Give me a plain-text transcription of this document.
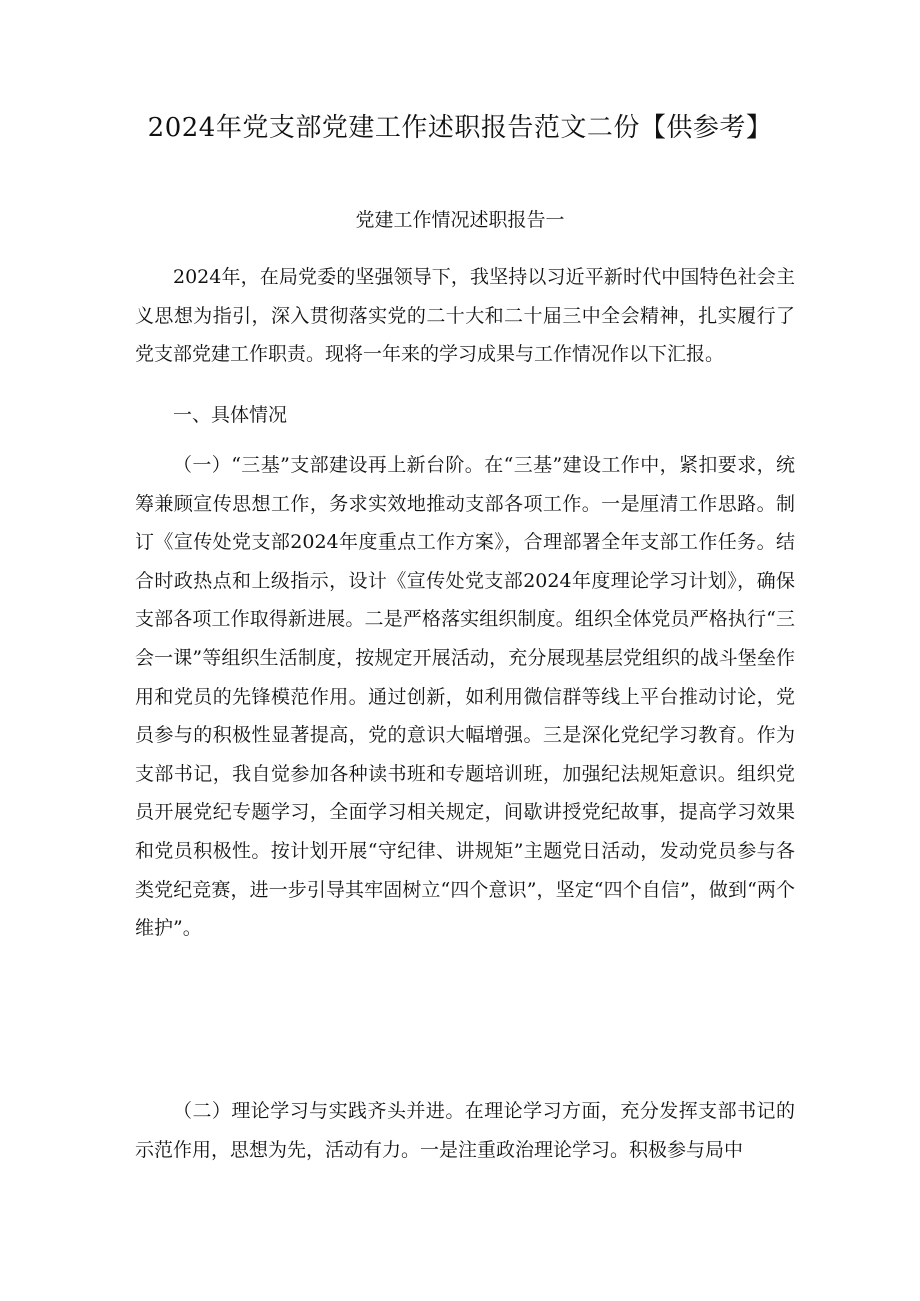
2024年党支部党建工作述职报告范文二份【供参考】
党建工作情况述职报告一

2024年，在局党委的坚强领导下，我坚持以习近平新时代中国特色社会主义思想为指引，深入贯彻落实党的二十大和二十届三中全会精神，扎实履行了党支部党建工作职责。现将一年来的学习成果与工作情况作以下汇报。

一、具体情况

（一）“三基”支部建设再上新台阶。在“三基”建设工作中，紧扣要求，统筹兼顾宣传思想工作，务求实效地推动支部各项工作。一是厘清工作思路。制订《宣传处党支部2024年度重点工作方案》，合理部署全年支部工作任务。结合时政热点和上级指示，设计《宣传处党支部2024年度理论学习计划》，确保支部各项工作取得新进展。二是严格落实组织制度。组织全体党员严格执行“三会一课”等组织生活制度，按规定开展活动，充分展现基层党组织的战斗堡垒作用和党员的先锋模范作用。通过创新，如利用微信群等线上平台推动讨论，党员参与的积极性显著提高，党的意识大幅增强。三是深化党纪学习教育。作为支部书记，我自觉参加各种读书班和专题培训班，加强纪法规矩意识。组织党员开展党纪专题学习，全面学习相关规定，间歇讲授党纪故事，提高学习效果和党员积极性。按计划开展“守纪律、讲规矩”主题党日活动，发动党员参与各类党纪竞赛，进一步引导其牢固树立“四个意识”，坚定“四个自信”，做到“两个维护”。

（二）理论学习与实践齐头并进。在理论学习方面，充分发挥支部书记的示范作用，思想为先，活动有力。一是注重政治理论学习。积极参与局中
